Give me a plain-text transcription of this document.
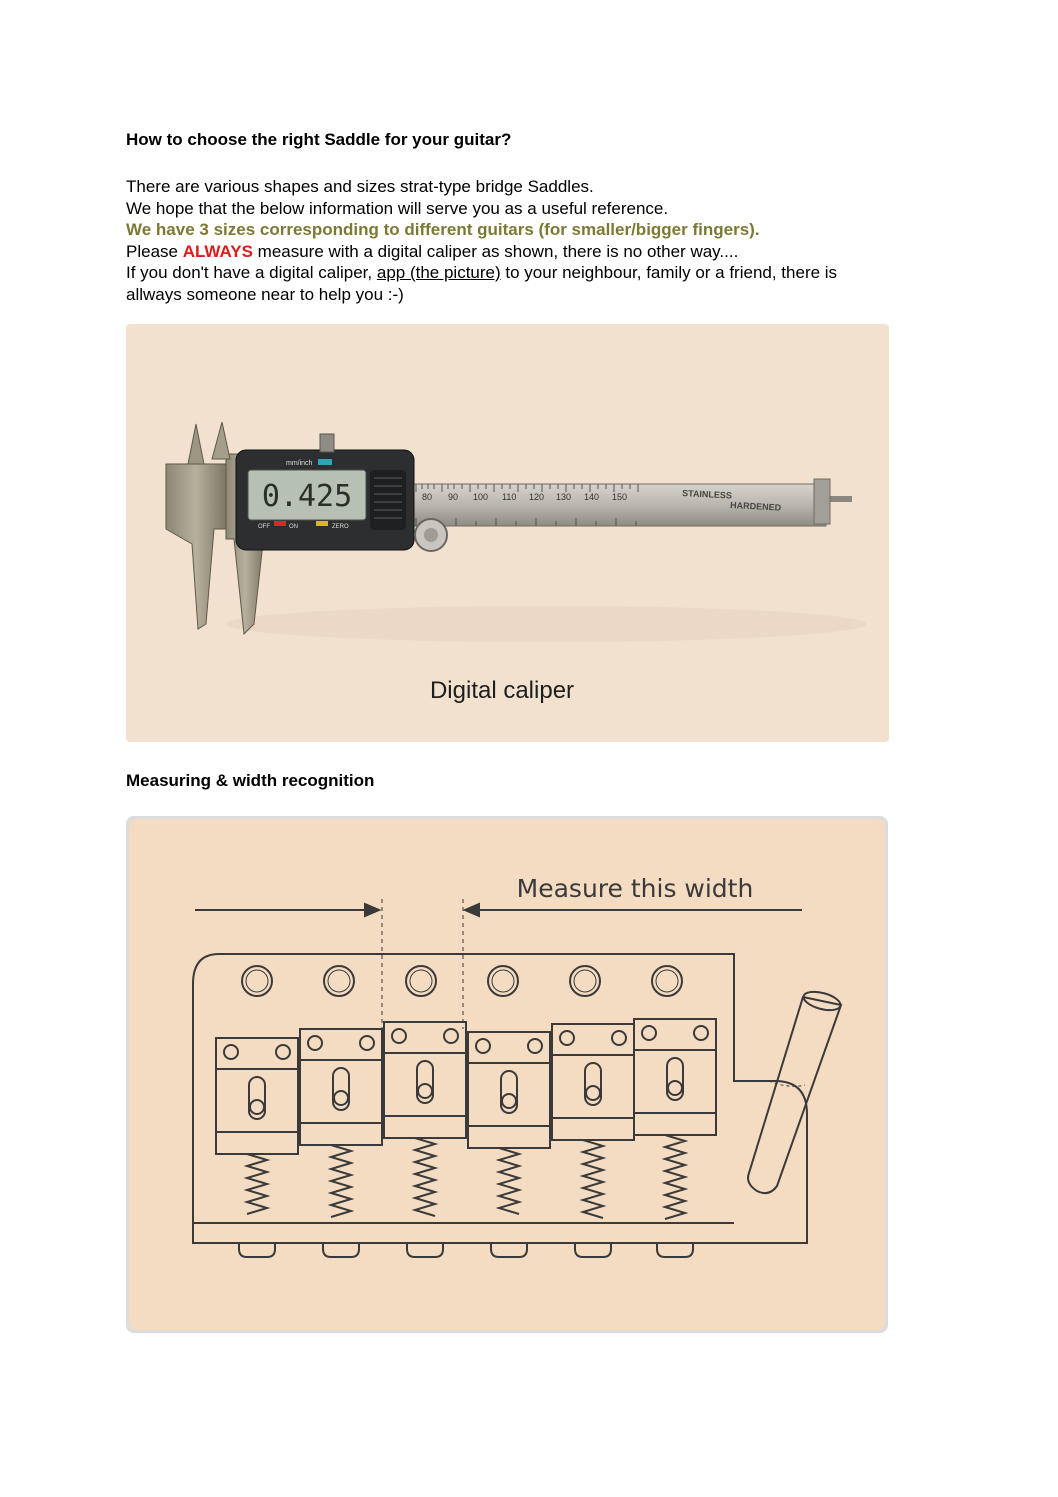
How to choose the right Saddle for your guitar?
There are various shapes and sizes strat-type bridge Saddles.
We hope that the below information will serve you as a useful reference.
We have 3 sizes corresponding to different guitars (for smaller/bigger fingers).
Please ALWAYS measure with a digital caliper as shown, there is no other way....
If you don't have a digital caliper, app (the picture) to your neighbour, family or a friend, there is
allways someone near to help you :-)
80 90 100 110 120 130 140 150	STAINLESS
HARDENED
0.425
mm/inch
OFF	ON	ZERO
Digital caliper
Measuring & width recognition
Measure this width
